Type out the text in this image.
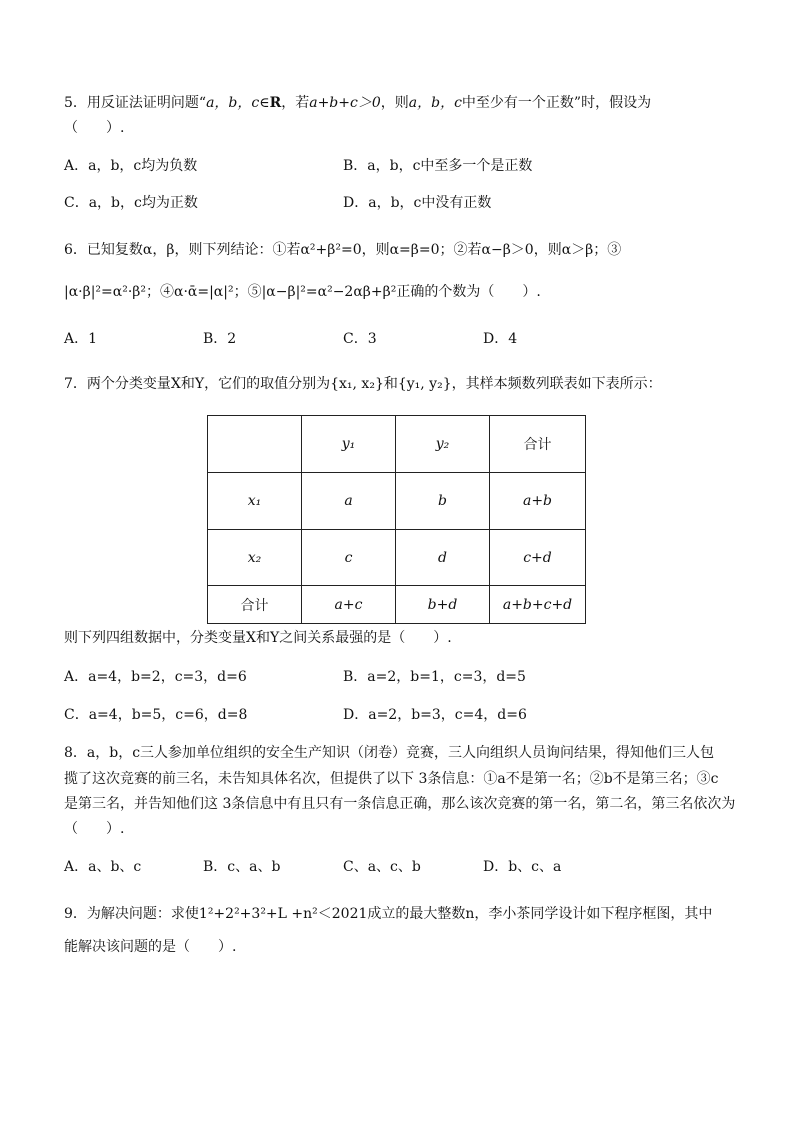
5．用反证法证明问题“a，b，c∈R，若a+b+c＞0，则a，b，c中至少有一个正数”时，假设为
（　　）.
A．a，b，c均为负数	B．a，b，c中至多一个是正数
C．a，b，c均为正数	D．a，b，c中没有正数
6．已知复数α，β，则下列结论：①若α²+β²=0，则α=β=0；②若α−β＞0，则α＞β；③
|α·β|²=α²·β²；④α·ᾱ=|α|²；⑤|α−β|²=α²−2αβ+β²正确的个数为（　　）.
A．1	B．2	C．3	D．4
7．两个分类变量X和Y，它们的取值分别为{x₁, x₂}和{y₁, y₂}，其样本频数列联表如下表所示：
	y₁	y₂	合计
x₁	a	b	a+b
x₂	c	d	c+d
合计	a+c	b+d	a+b+c+d
则下列四组数据中，分类变量X和Y之间关系最强的是（　　）.
A．a=4，b=2，c=3，d=6	B．a=2，b=1，c=3，d=5
C．a=4，b=5，c=6，d=8	D．a=2，b=3，c=4，d=6
8．a，b，c三人参加单位组织的安全生产知识（闭卷）竞赛，三人向组织人员询问结果，得知他们三人包
揽了这次竞赛的前三名，未告知具体名次，但提供了以下 3条信息：①a不是第一名；②b不是第三名；③c
是第三名，并告知他们这 3条信息中有且只有一条信息正确，那么该次竞赛的第一名，第二名，第三名依次为
（　　）.
A．a、b、c	B．c、a、b	C、a、c、b	D．b、c、a
9．为解决问题：求使1²+2²+3²+L +n²＜2021成立的最大整数n，李小茶同学设计如下程序框图，其中
能解决该问题的是（　　）.
